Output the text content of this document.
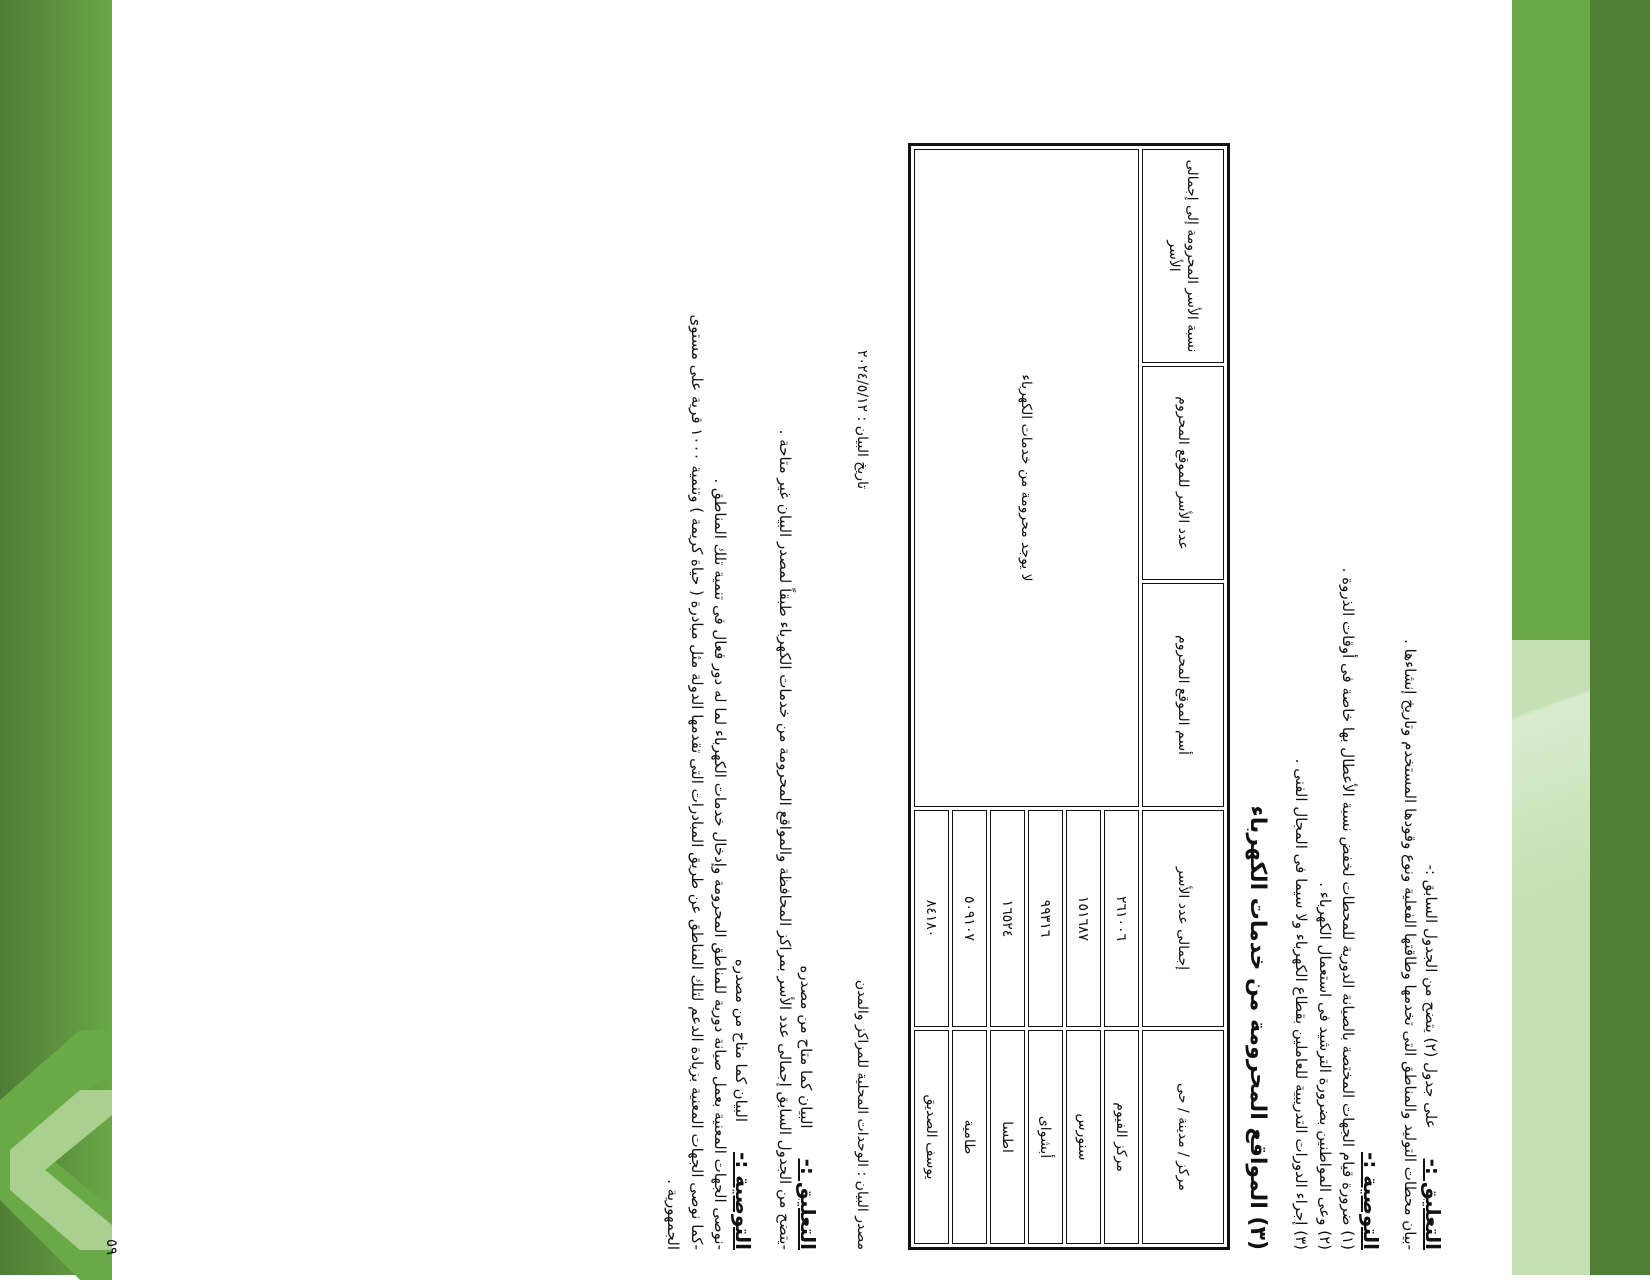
٥٩	التعليق :-
على جدول (٢) يتضح من الجدول السابق :-

-بيان محطات التوليد والمناطق التى تخدمها وطاقتها الفعلية ونوع وقودها المستخدم وتاريخ إنشاءها .

التوصية :-

(١) ضرورة قيام الجهات المختصة بالصيانة الدورية للمحطات لخفض نسبة الأعطال بها خاصة فى أوقات الذروة .

(٢) وعى المواطنين بضرورة الترشيد فى استعمال الكهرباء .

(٣) إجراء الدورات التدريبية للعاملين بقطاع الكهرباء ولا سيما فى المجال الفنى .

(٣) المواقع المحرومة من خدمات الكهرباء

مركز / مدينة / حى	إجمالى عدد الأسر	أسم الموقع المحروم	عدد الأسر للموقع المحروم	نسبة الأسر المحرومة إلى إجمالى الأسر
مركز الفيوم	٢٦١٠٠٦	لا يوجد محرومة من خدمات الكهرباء		
سنورس	١٥١٦٨٧			
أبشواى	٩٩٣١٦			
اطسا	١٦٥٢٤			
طامية	٥٠٩١٠٧			
يوسف الصديق	٨٤١٨٠			
مصدر البيان : الوحدات المحلية للمراكز والمدن
تاريخ البيان : ٢٠٢٤/٥/١٢
التعليق :-
البيان كما متاح من مصدره

-يتضح من الجدول السابق إجمالى عدد الأسر بمراكز المحافظة والمواقع المحرومة من خدمات الكهرباء طبقاً لمصدر البيان غير متاحة .

التوصية :-
البيان كما متاح من مصدره

-نوصى الجهات المعنية بعمل صيانة دورية للمناطق المحرومة وإدخال خدمات الكهرباء لما له دور فعال فى تنمية تلك المناطق .

-كما نوصى الجهات المعنية بزيادة الدعم لتلك المناطق عن طريق المبادرات التى تقدمها الدولة مثل مبادرة ( حياة كريمة ) وتنمية ١٠٠٠ قرية على مستوى

الجمهورية .
